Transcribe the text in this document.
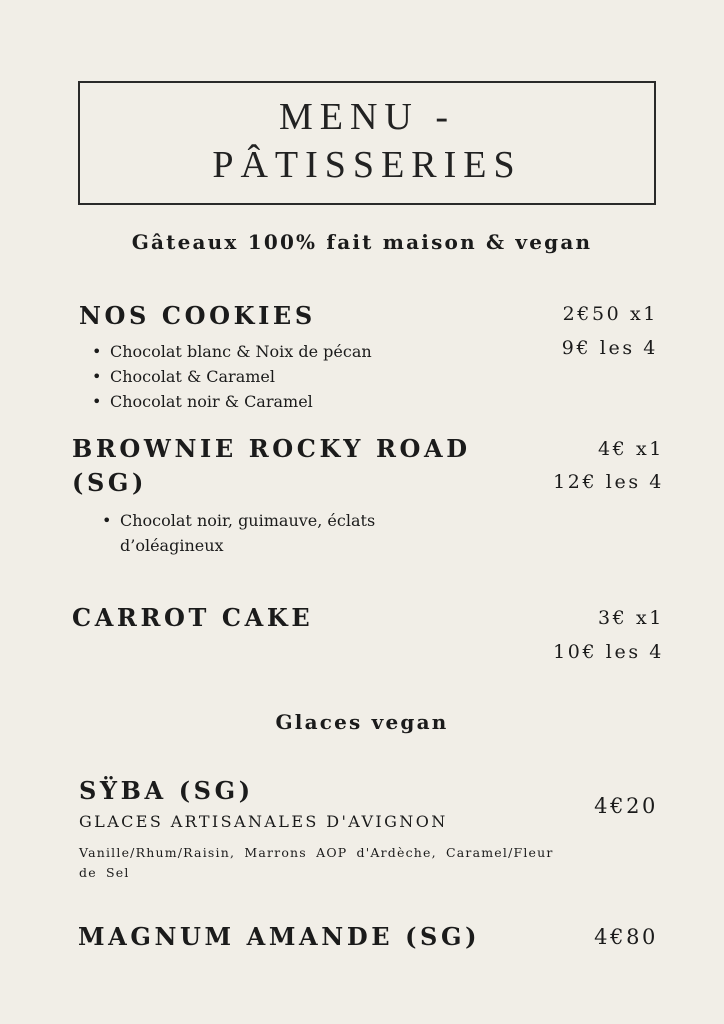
MENU -
PÂTISSERIES
Gâteaux 100% fait maison & vegan
NOS COOKIES	2€50 x1
9€ les 4
• Chocolat blanc & Noix de pécan
• Chocolat & Caramel
• Chocolat noir & Caramel
BROWNIE ROCKY ROAD (SG)
4€ x1
12€ les 4
• Chocolat noir, guimauve, éclats d’oléagineux
CARROT CAKE	3€ x1
10€ les 4
Glaces vegan
SŸBA (SG)
GLACES ARTISANALES D'AVIGNON
4€20
Vanille/Rhum/Raisin, Marrons AOP d'Ardèche, Caramel/Fleur de Sel
MAGNUM AMANDE (SG)	4€80
